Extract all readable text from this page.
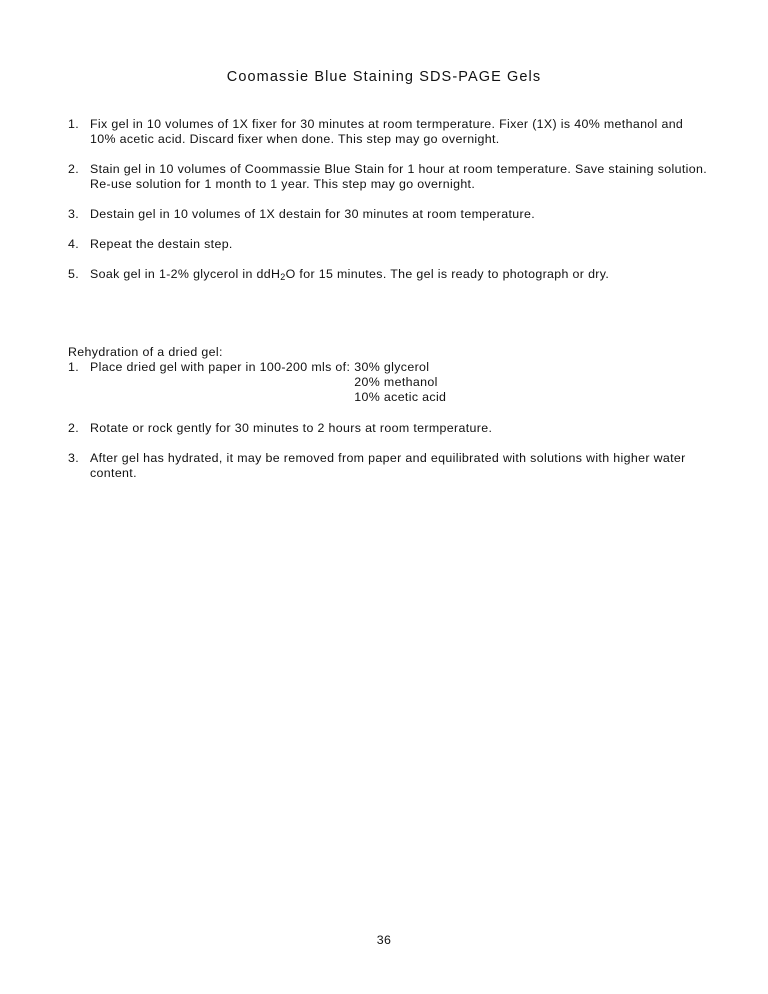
Coomassie Blue Staining SDS-PAGE Gels
1. Fix gel in 10 volumes of 1X fixer for 30 minutes at room termperature. Fixer (1X) is 40% methanol and 10% acetic acid. Discard fixer when done. This step may go overnight.
2. Stain gel in 10 volumes of Coommassie Blue Stain for 1 hour at room temperature. Save staining solution. Re-use solution for 1 month to 1 year. This step may go overnight.
3. Destain gel in 10 volumes of 1X destain for 30 minutes at room temperature.
4. Repeat the destain step.
5. Soak gel in 1-2% glycerol in ddH$_2$O for 15 minutes. The gel is ready to photograph or dry.
Rehydration of a dried gel:
1. Place dried gel with paper in 100-200 mls of: 30% glycerol
20% methanol
10% acetic acid
2. Rotate or rock gently for 30 minutes to 2 hours at room termperature.
3. After gel has hydrated, it may be removed from paper and equilibrated with solutions with higher water content.
36
